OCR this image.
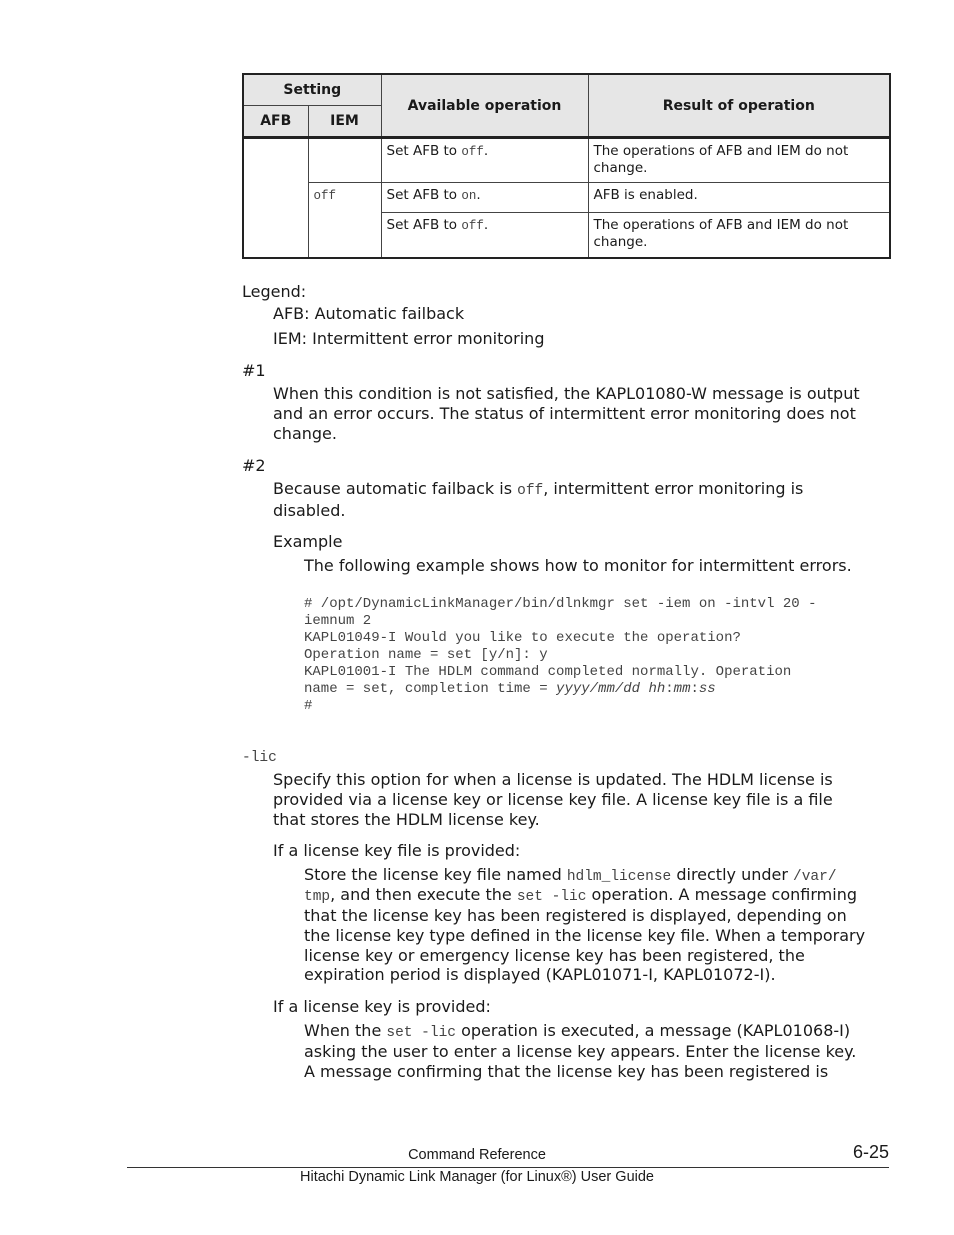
Setting		Available operation	Result of operation
AFB	IEM		
		Set AFB to off.	The operations of AFB and IEM do not change.
	off	Set AFB to on.	AFB is enabled.
		Set AFB to off.	The operations of AFB and IEM do not change.
Legend:
AFB: Automatic failback
IEM: Intermittent error monitoring
#1
When this condition is not satisfied, the KAPL01080-W message is output and an error occurs. The status of intermittent error monitoring does not change.
#2
Because automatic failback is off, intermittent error monitoring is disabled.
Example
The following example shows how to monitor for intermittent errors.
# /opt/DynamicLinkManager/bin/dlnkmgr set -iem on -intvl 20 -
iemnum 2
KAPL01049-I Would you like to execute the operation?
Operation name = set [y/n]: y
KAPL01001-I The HDLM command completed normally. Operation
name = set, completion time = yyyy/mm/dd hh:mm:ss
#
-lic
Specify this option for when a license is updated. The HDLM license is provided via a license key or license key file. A license key file is a file that stores the HDLM license key.
If a license key file is provided:
Store the license key file named hdlm_license directly under /var/
tmp, and then execute the set -lic operation. A message confirming
that the license key has been registered is displayed, depending on
the license key type defined in the license key file. When a temporary
license key or emergency license key has been registered, the
expiration period is displayed (KAPL01071-I, KAPL01072-I).
If a license key is provided:
When the set -lic operation is executed, a message (KAPL01068-I)
asking the user to enter a license key appears. Enter the license key.
A message confirming that the license key has been registered is
Command Reference	6-25
Hitachi Dynamic Link Manager (for Linux®) User Guide
